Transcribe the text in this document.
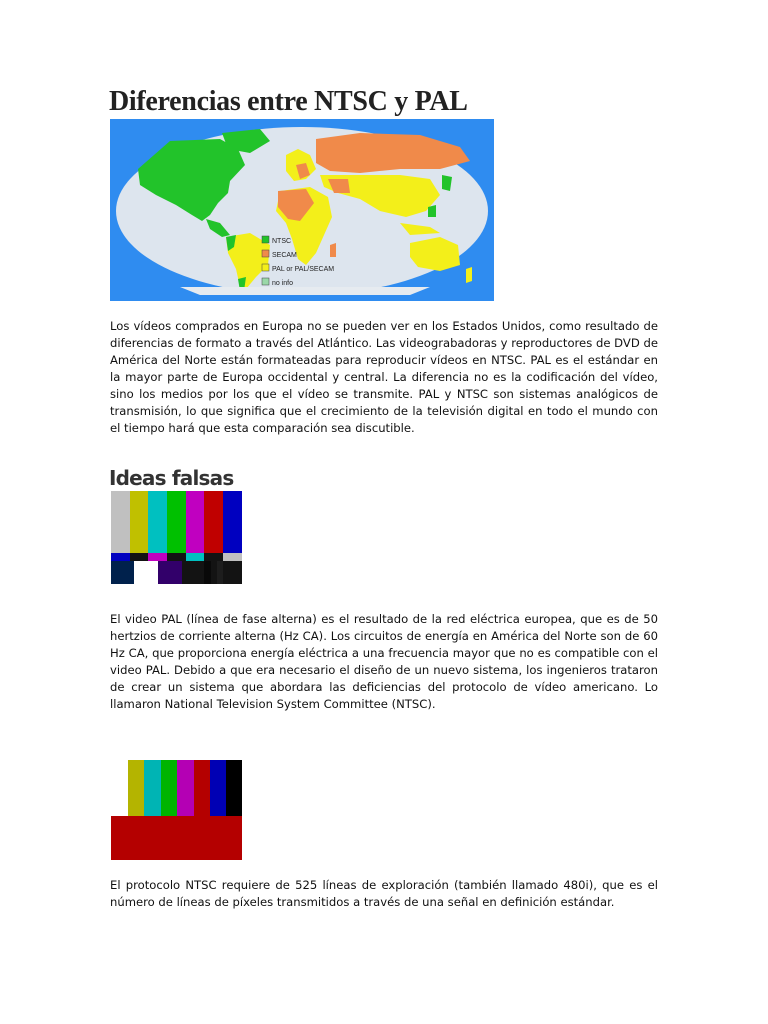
Diferencias entre NTSC y PAL
NTSC
SECAM
PAL or PAL/SECAM
no info
Los vídeos comprados en Europa no se pueden ver en los Estados Unidos, como resultado de diferencias de formato a través del Atlántico. Las videograbadoras y reproductores de DVD de América del Norte están formateadas para reproducir vídeos en NTSC. PAL es el estándar en la mayor parte de Europa occidental y central. La diferencia no es la codificación del vídeo, sino los medios por los que el vídeo se transmite. PAL y NTSC son sistemas analógicos de transmisión, lo que significa que el crecimiento de la televisión digital en todo el mundo con el tiempo hará que esta comparación sea discutible.
Ideas falsas
El video PAL (línea de fase alterna) es el resultado de la red eléctrica europea, que es de 50 hertzios de corriente alterna (Hz CA). Los circuitos de energía en América del Norte son de 60 Hz CA, que proporciona energía eléctrica a una frecuencia mayor que no es compatible con el video PAL. Debido a que era necesario el diseño de un nuevo sistema, los ingenieros trataron de crear un sistema que abordara las deficiencias del protocolo de vídeo americano. Lo llamaron National Television System Committee (NTSC).
El protocolo NTSC requiere de 525 líneas de exploración (también llamado 480i), que es el número de líneas de píxeles transmitidos a través de una señal en definición estándar.
